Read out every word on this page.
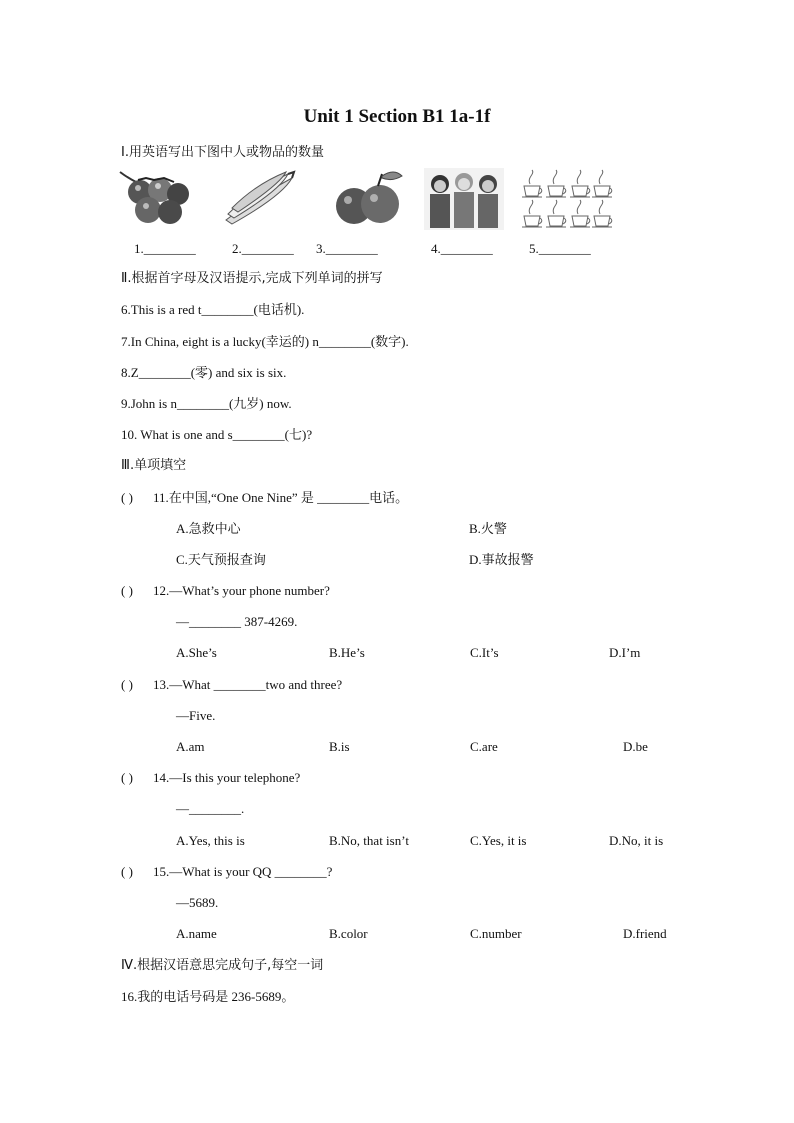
Unit 1 Section B1 1a-1f
Ⅰ.用英语写出下图中人或物品的数量
1.________	2.________ 3.________	4.________	5.________
Ⅱ.根据首字母及汉语提示,完成下列单词的拼写
6.This is a red t________(电话机).
7.In China, eight is a lucky(幸运的) n________(数字).
8.Z________(零) and six is six.
9.John is n________(九岁) now.
10. What is one and s________(七)?
Ⅲ.单项填空
( ) 11.在中国,“One One Nine” 是 ________电话。
A.急救中心	B.火警
C.天气预报查询	D.事故报警
( ) 12.—What’s your phone number?
—________ 387-4269.
A.She’s	B.He’s	C.It’s	D.I’m
( ) 13.—What ________two and three?
—Five.
A.am	B.is	C.are	D.be
( ) 14.—Is this your telephone?
—________.
A.Yes, this is	B.No, that isn’t	C.Yes, it is	D.No, it is
( ) 15.—What is your QQ ________?
—5689.
A.name	B.color	C.number	D.friend
Ⅳ.根据汉语意思完成句子,每空一词
16.我的电话号码是 236-5689。
